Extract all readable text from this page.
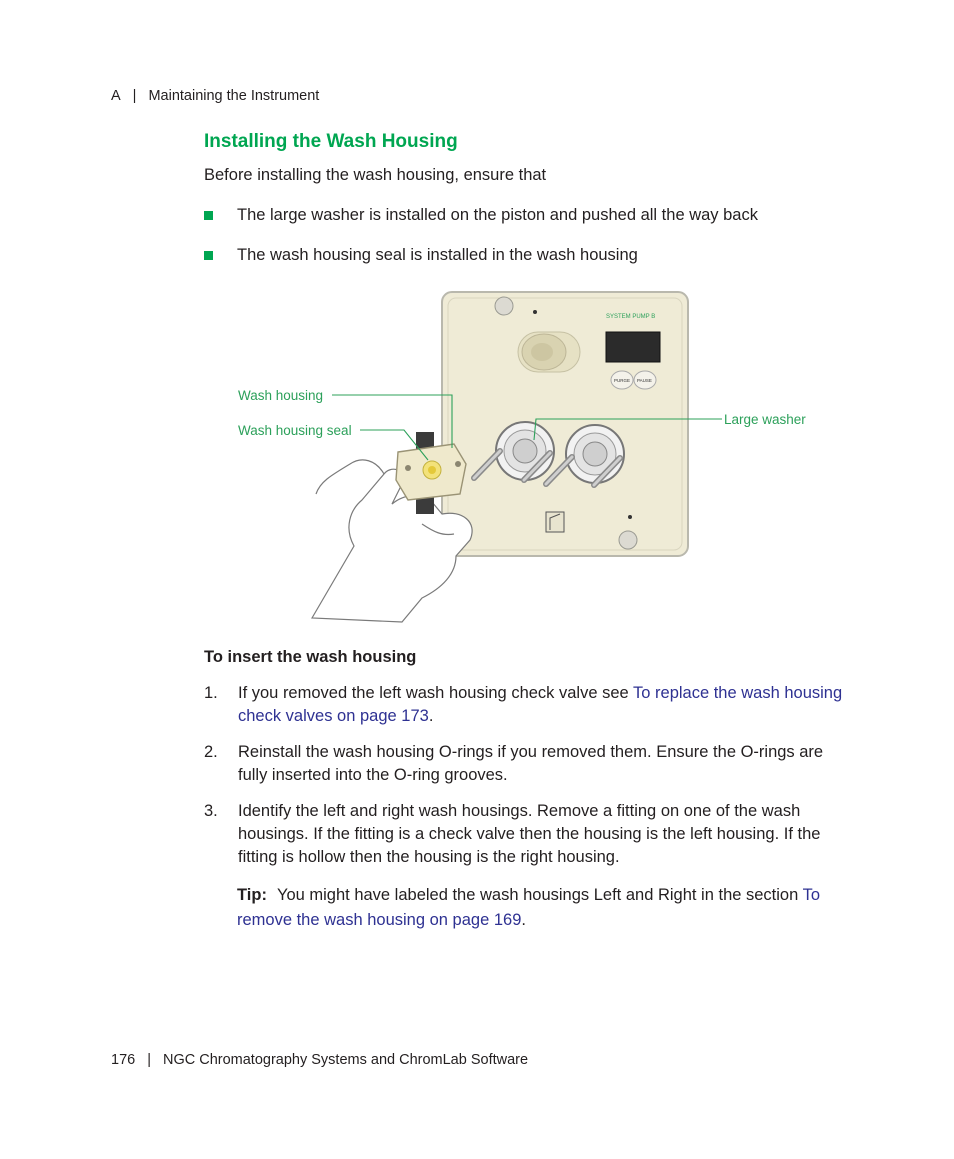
A | Maintaining the Instrument
Installing the Wash Housing
Before installing the wash housing, ensure that
The large washer is installed on the piston and pushed all the way back
The wash housing seal is installed in the wash housing
SYSTEM PUMP B
PURGE PAUSE
Wash housing
Wash housing seal
Large washer
To insert the wash housing
1.	If you removed the left wash housing check valve see To replace the wash housing check valves on page 173.
2.	Reinstall the wash housing O-rings if you removed them. Ensure the O-rings are fully inserted into the O-ring grooves.
3.	Identify the left and right wash housings. Remove a fitting on one of the wash housings. If the fitting is a check valve then the housing is the left housing. If the fitting is hollow then the housing is the right housing.
Tip: You might have labeled the wash housings Left and Right in the section To remove the wash housing on page 169.
176 | NGC Chromatography Systems and ChromLab Software
